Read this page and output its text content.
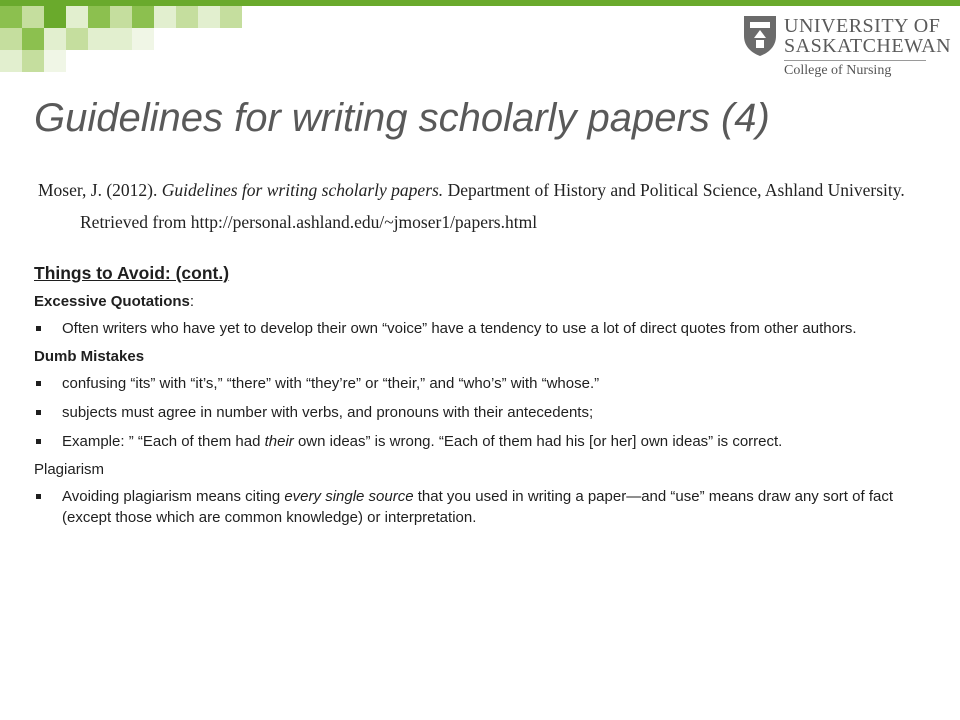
UNIVERSITY OF
SASKATCHEWAN
College of Nursing
Guidelines for writing scholarly papers (4)
Moser, J. (2012). Guidelines for writing scholarly papers. Department of History and Political Science, Ashland University. Retrieved from http://personal.ashland.edu/~jmoser1/papers.html
Things to Avoid: (cont.)
Excessive Quotations:
Often writers who have yet to develop their own “voice” have a tendency to use a lot of direct quotes from other authors.
Dumb Mistakes
confusing “its” with “it’s,” “there” with “they’re” or “their,” and “who’s” with “whose.”
subjects must agree in number with verbs, and pronouns with their antecedents;
Example: ” “Each of them had their own ideas” is wrong. “Each of them had his [or her] own ideas” is correct.
Plagiarism
Avoiding plagiarism means citing every single source that you used in writing a paper—and “use” means draw any sort of fact (except those which are common knowledge) or interpretation.
